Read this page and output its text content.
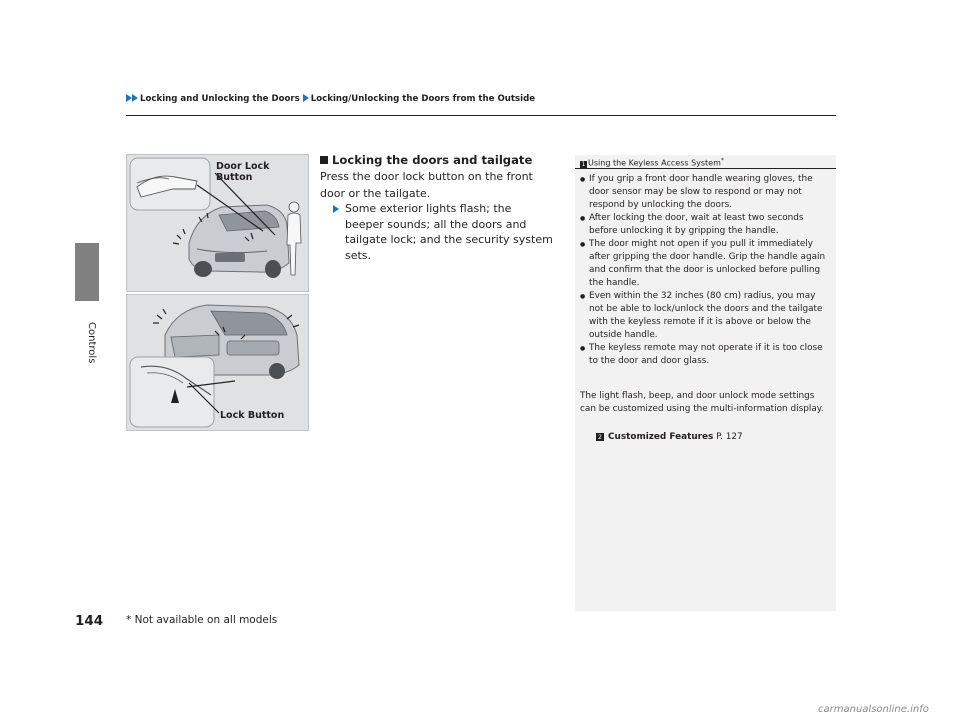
Locking and Unlocking the Doors Locking/Unlocking the Doors from the Outside
Controls
Door Lock
Button
Lock Button
Locking the doors and tailgate
Press the door lock button on the front door or the tailgate.
Some exterior lights flash; the beeper sounds; all the doors and tailgate lock; and the security system sets.
1 Using the Keyless Access System*
● If you grip a front door handle wearing gloves, the door sensor may be slow to respond or may not respond by unlocking the doors.
● After locking the door, wait at least two seconds before unlocking it by gripping the handle.
● The door might not open if you pull it immediately after gripping the door handle. Grip the handle again and confirm that the door is unlocked before pulling the handle.
● Even within the 32 inches (80 cm) radius, you may not be able to lock/unlock the doors and the tailgate with the keyless remote if it is above or below the outside handle.
● The keyless remote may not operate if it is too close to the door and door glass.
The light flash, beep, and door unlock mode settings can be customized using the multi-information display.
2 Customized Features P. 127
144 * Not available on all models
carmanualsonline.info
